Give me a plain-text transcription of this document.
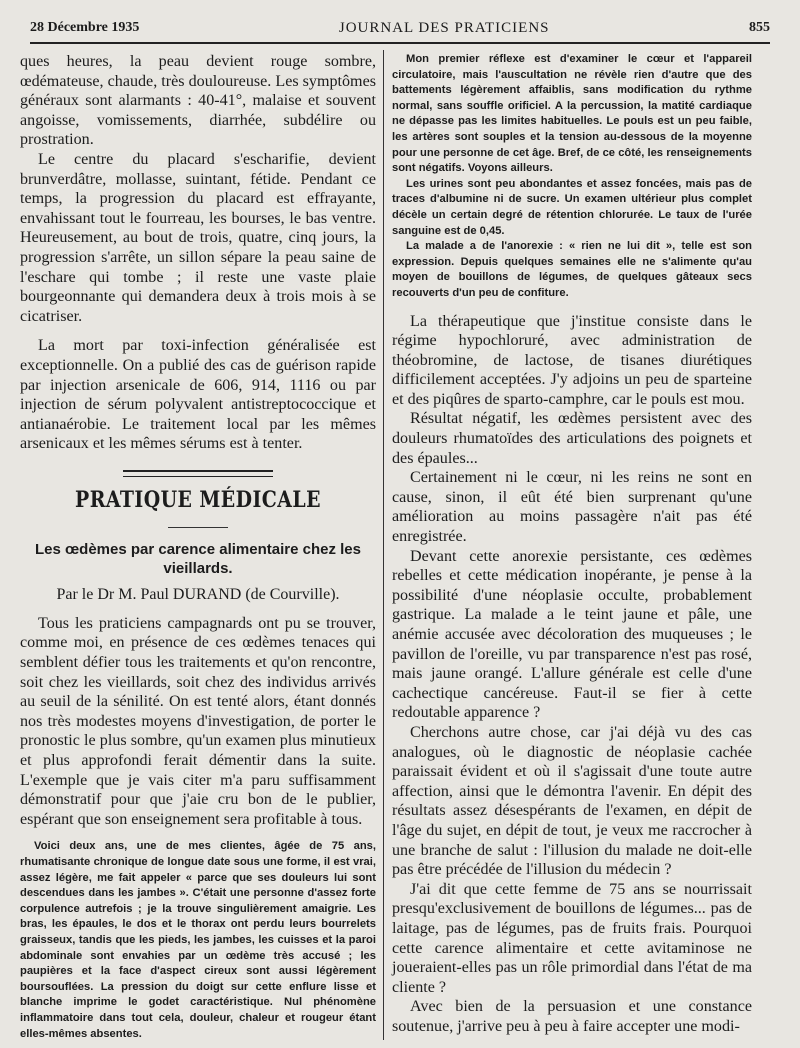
28 Décembre 1935	JOURNAL DES PRATICIENS	855

ques heures, la peau devient rouge sombre, œdémateuse, chaude, très douloureuse. Les symptômes généraux sont alarmants : 40-41°, malaise et souvent angoisse, vomissements, diarrhée, subdélire ou prostration.

Le centre du placard s'escharifie, devient brunverdâtre, mollasse, suintant, fétide. Pendant ce temps, la progression du placard est effrayante, envahissant tout le fourreau, les bourses, le bas ventre. Heureusement, au bout de trois, quatre, cinq jours, la progression s'arrête, un sillon sépare la peau saine de l'eschare qui tombe ; il reste une vaste plaie bourgeonnante qui demandera deux à trois mois à se cicatriser.

La mort par toxi-infection généralisée est exceptionnelle. On a publié des cas de guérison rapide par injection arsenicale de 606, 914, 1116 ou par injection de sérum polyvalent antistreptococcique et antianaérobie. Le traitement local par les mêmes arsenicaux et les mêmes sérums est à tenter.

PRATIQUE MÉDICALE
Les œdèmes par carence alimentaire chez les vieillards.
Par le Dr M. Paul DURAND (de Courville).

Tous les praticiens campagnards ont pu se trouver, comme moi, en présence de ces œdèmes tenaces qui semblent défier tous les traitements et qu'on rencontre, soit chez les vieillards, soit chez des individus arrivés au seuil de la sénilité. On est tenté alors, étant donnés nos très modestes moyens d'investigation, de porter le pronostic le plus sombre, qu'un examen plus minutieux et plus approfondi ferait démentir dans la suite. L'exemple que je vais citer m'a paru suffisamment démonstratif pour que j'aie cru bon de le publier, espérant que son enseignement sera profitable à tous.

Voici deux ans, une de mes clientes, âgée de 75 ans, rhumatisante chronique de longue date sous une forme, il est vrai, assez légère, me fait appeler « parce que ses douleurs lui sont descendues dans les jambes ». C'était une personne d'assez forte corpulence autrefois ; je la trouve singulièrement amaigrie. Les bras, les épaules, le dos et le thorax ont perdu leurs bourrelets graisseux, tandis que les pieds, les jambes, les cuisses et la paroi abdominale sont envahies par un œdème très accusé ; les paupières et la face d'aspect cireux sont aussi légèrement boursouflées. La pression du doigt sur cette enflure lisse et blanche imprime le godet caractéristique. Nul phénomène inflammatoire dans tout cela, douleur, chaleur et rougeur étant elles-mêmes absentes.

Mon premier réflexe est d'examiner le cœur et l'appareil circulatoire, mais l'auscultation ne révèle rien d'autre que des battements légèrement affaiblis, sans modification du rythme normal, sans souffle orificiel. A la percussion, la matité cardiaque ne dépasse pas les limites habituelles. Le pouls est un peu faible, les artères sont souples et la tension au-dessous de la moyenne pour une personne de cet âge. Bref, de ce côté, les renseignements sont négatifs. Voyons ailleurs.

Les urines sont peu abondantes et assez foncées, mais pas de traces d'albumine ni de sucre. Un examen ultérieur plus complet décèle un certain degré de rétention chlorurée. Le taux de l'urée sanguine est de 0,45.

La malade a de l'anorexie : « rien ne lui dit », telle est son expression. Depuis quelques semaines elle ne s'alimente qu'au moyen de bouillons de légumes, de quelques gâteaux secs recouverts d'un peu de confiture.

La thérapeutique que j'institue consiste dans le régime hypochloruré, avec administration de théobromine, de lactose, de tisanes diurétiques difficilement acceptées. J'y adjoins un peu de sparteine et des piqûres de sparto-camphre, car le pouls est mou.

Résultat négatif, les œdèmes persistent avec des douleurs rhumatoïdes des articulations des poignets et des épaules...

Certainement ni le cœur, ni les reins ne sont en cause, sinon, il eût été bien surprenant qu'une amélioration au moins passagère n'ait pas été enregistrée.

Devant cette anorexie persistante, ces œdèmes rebelles et cette médication inopérante, je pense à la possibilité d'une néoplasie occulte, probablement gastrique. La malade a le teint jaune et pâle, une anémie accusée avec décoloration des muqueuses ; le pavillon de l'oreille, vu par transparence n'est pas rosé, mais jaune orangé. L'allure générale est celle d'une cachectique cancéreuse. Faut-il se fier à cette redoutable apparence ?

Cherchons autre chose, car j'ai déjà vu des cas analogues, où le diagnostic de néoplasie cachée paraissait évident et où il s'agissait d'une toute autre affection, ainsi que le démontra l'avenir. En dépit des résultats assez désespérants de l'examen, en dépit de l'âge du sujet, en dépit de tout, je veux me raccrocher à une branche de salut : l'illusion du malade ne doit-elle pas être précédée de l'illusion du médecin ?

J'ai dit que cette femme de 75 ans se nourrissait presqu'exclusivement de bouillons de légumes... pas de laitage, pas de légumes, pas de fruits frais. Pourquoi cette carence alimentaire et cette avitaminose ne joueraient-elles pas un rôle primordial dans l'état de ma cliente ?

Avec bien de la persuasion et une constance soutenue, j'arrive peu à peu à faire accepter une modi-
